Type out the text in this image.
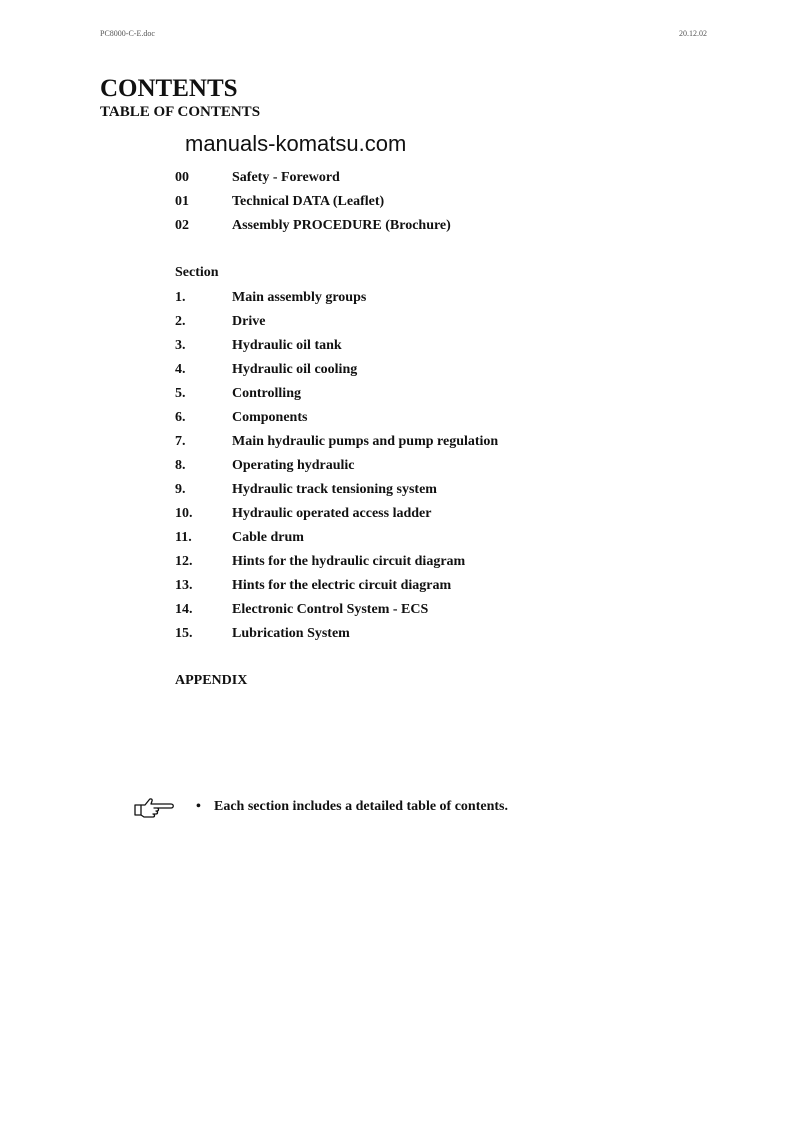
PC8000-C-E.doc	20.12.02
CONTENTS
TABLE OF CONTENTS
manuals-komatsu.com
00	Safety - Foreword
01	Technical DATA (Leaflet)
02	Assembly PROCEDURE (Brochure)
Section
1.	Main assembly groups
2.	Drive
3.	Hydraulic oil tank
4.	Hydraulic oil cooling
5.	Controlling
6.	Components
7.	Main hydraulic pumps and pump regulation
8.	Operating hydraulic
9.	Hydraulic track tensioning system
10.	Hydraulic operated access ladder
11.	Cable drum
12.	Hints for the hydraulic circuit diagram
13.	Hints for the electric circuit diagram
14.	Electronic Control System - ECS
15.	Lubrication System
APPENDIX
• Each section includes a detailed table of contents.
